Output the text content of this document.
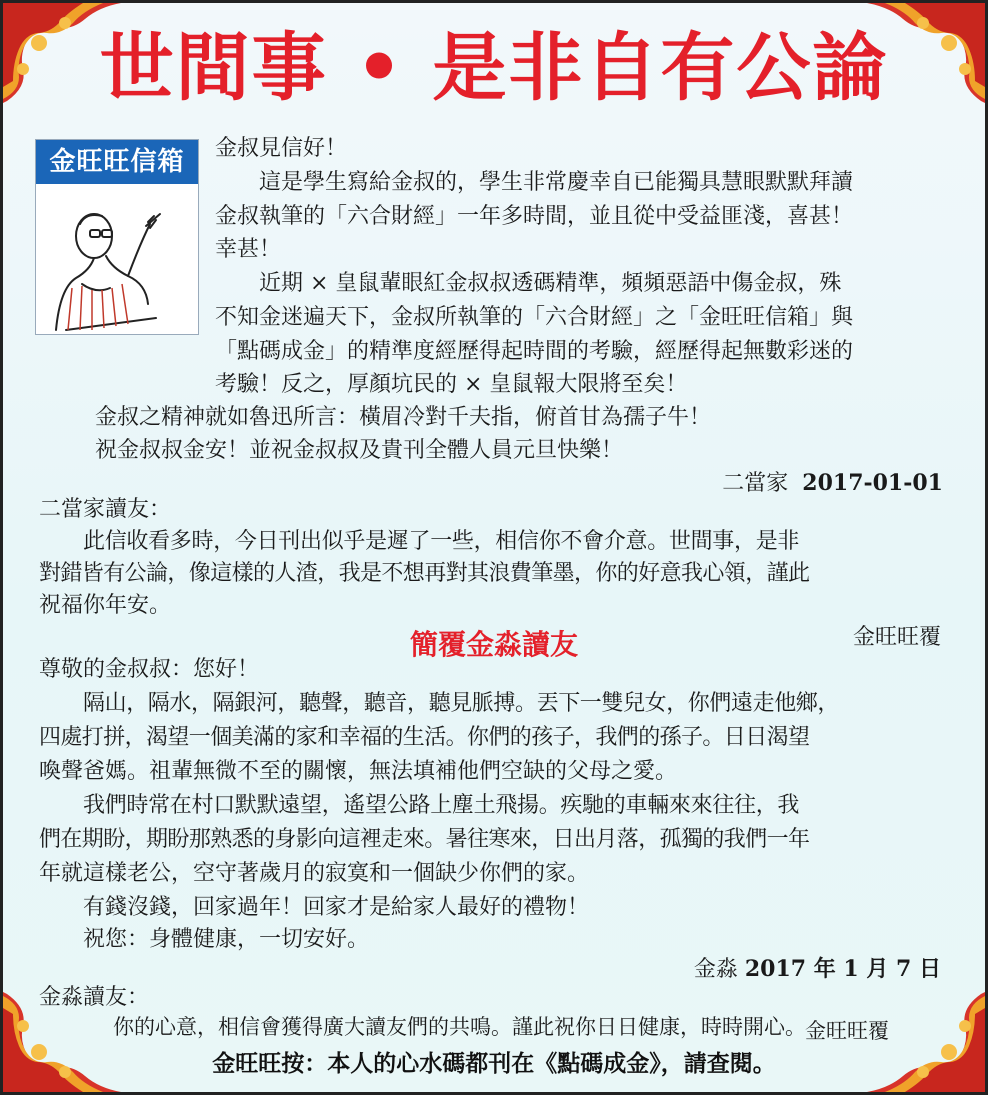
世間事 • 是非自有公論
金旺旺信箱	金叔見信好！
這是學生寫給金叔的，學生非常慶幸自已能獨具慧眼默默拜讀
金叔執筆的「六合財經」一年多時間，並且從中受益匪淺，喜甚！
幸甚！
近期 × 皇鼠輩眼紅金叔叔透碼精準，頻頻惡語中傷金叔，殊
不知金迷遍天下，金叔所執筆的「六合財經」之「金旺旺信箱」與
「點碼成金」的精準度經歷得起時間的考驗，經歷得起無數彩迷的
考驗！反之，厚顏坑民的 × 皇鼠報大限將至矣！
金叔之精神就如魯迅所言：橫眉冷對千夫指，俯首甘為孺子牛！
祝金叔叔金安！並祝金叔叔及貴刊全體人員元旦快樂！
二當家 2017-01-01
二當家讀友：
此信收看多時，今日刊出似乎是遲了一些，相信你不會介意。世間事，是非
對錯皆有公論，像這樣的人渣，我是不想再對其浪費筆墨，你的好意我心領，謹此
祝福你年安。
金旺旺覆
簡覆金淼讀友
尊敬的金叔叔：您好！
隔山，隔水，隔銀河，聽聲，聽音，聽見脈搏。丟下一雙兒女，你們遠走他鄉，
四處打拼，渴望一個美滿的家和幸福的生活。你們的孩子，我們的孫子。日日渴望
喚聲爸媽。祖輩無微不至的關懷，無法填補他們空缺的父母之愛。
我們時常在村口默默遠望，遙望公路上塵土飛揚。疾馳的車輛來來往往，我
們在期盼，期盼那熟悉的身影向這裡走來。暑往寒來，日出月落，孤獨的我們一年
年就這樣老公，空守著歲月的寂寞和一個缺少你們的家。
有錢沒錢，回家過年！回家才是給家人最好的禮物！
祝您：身體健康，一切安好。
金淼 2017 年 1 月 7 日
金淼讀友：
你的心意，相信會獲得廣大讀友們的共鳴。謹此祝你日日健康，時時開心。 金旺旺覆
金旺旺按：本人的心水碼都刊在《點碼成金》，請查閱。
